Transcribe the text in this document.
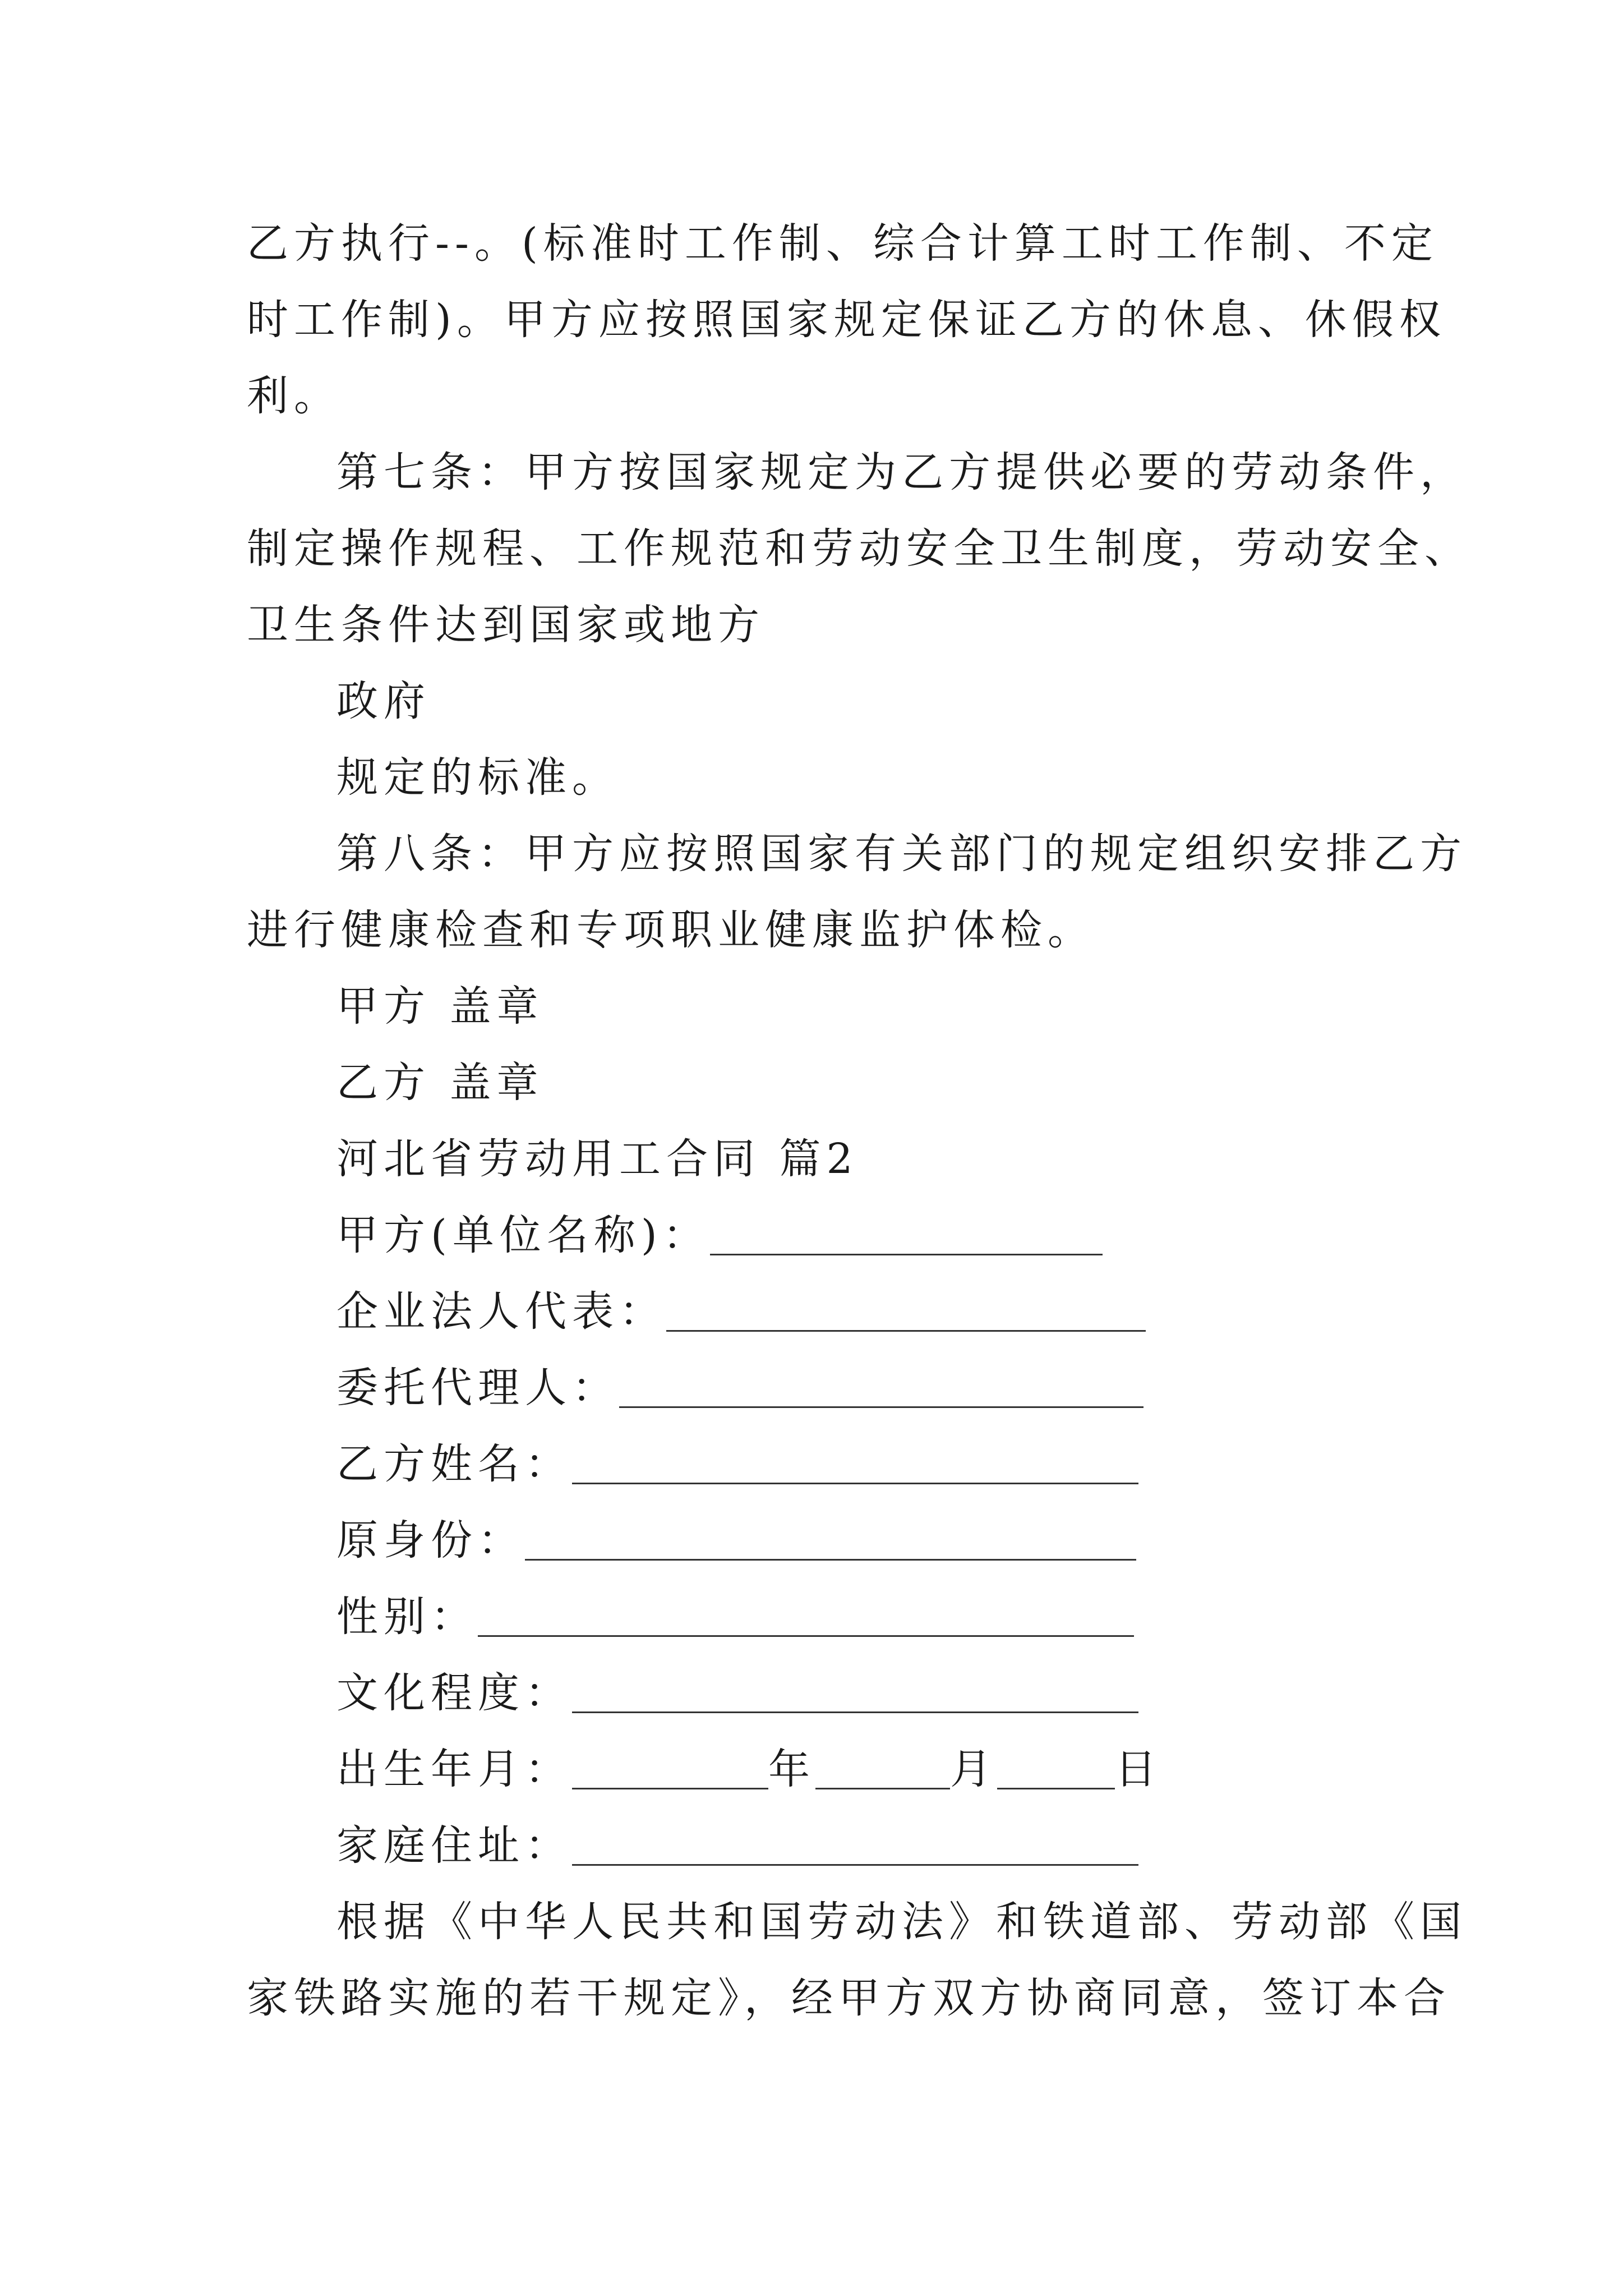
乙方执行--。(标准时工作制、综合计算工时工作制、不定
时工作制)。甲方应按照国家规定保证乙方的休息、休假权
利。
第七条：甲方按国家规定为乙方提供必要的劳动条件，
制定操作规程、工作规范和劳动安全卫生制度，劳动安全、
卫生条件达到国家或地方
政府
规定的标准。
第八条：甲方应按照国家有关部门的规定组织安排乙方
进行健康检查和专项职业健康监护体检。
甲方 盖章
乙方 盖章
河北省劳动用工合同 篇2
甲方(单位名称)：
企业法人代表：
委托代理人：
乙方姓名：
原身份：
性别：
文化程度：
出生年月：	年	月	日
家庭住址：
根据《中华人民共和国劳动法》和铁道部、劳动部《国
家铁路实施的若干规定》，经甲方双方协商同意，签订本合
